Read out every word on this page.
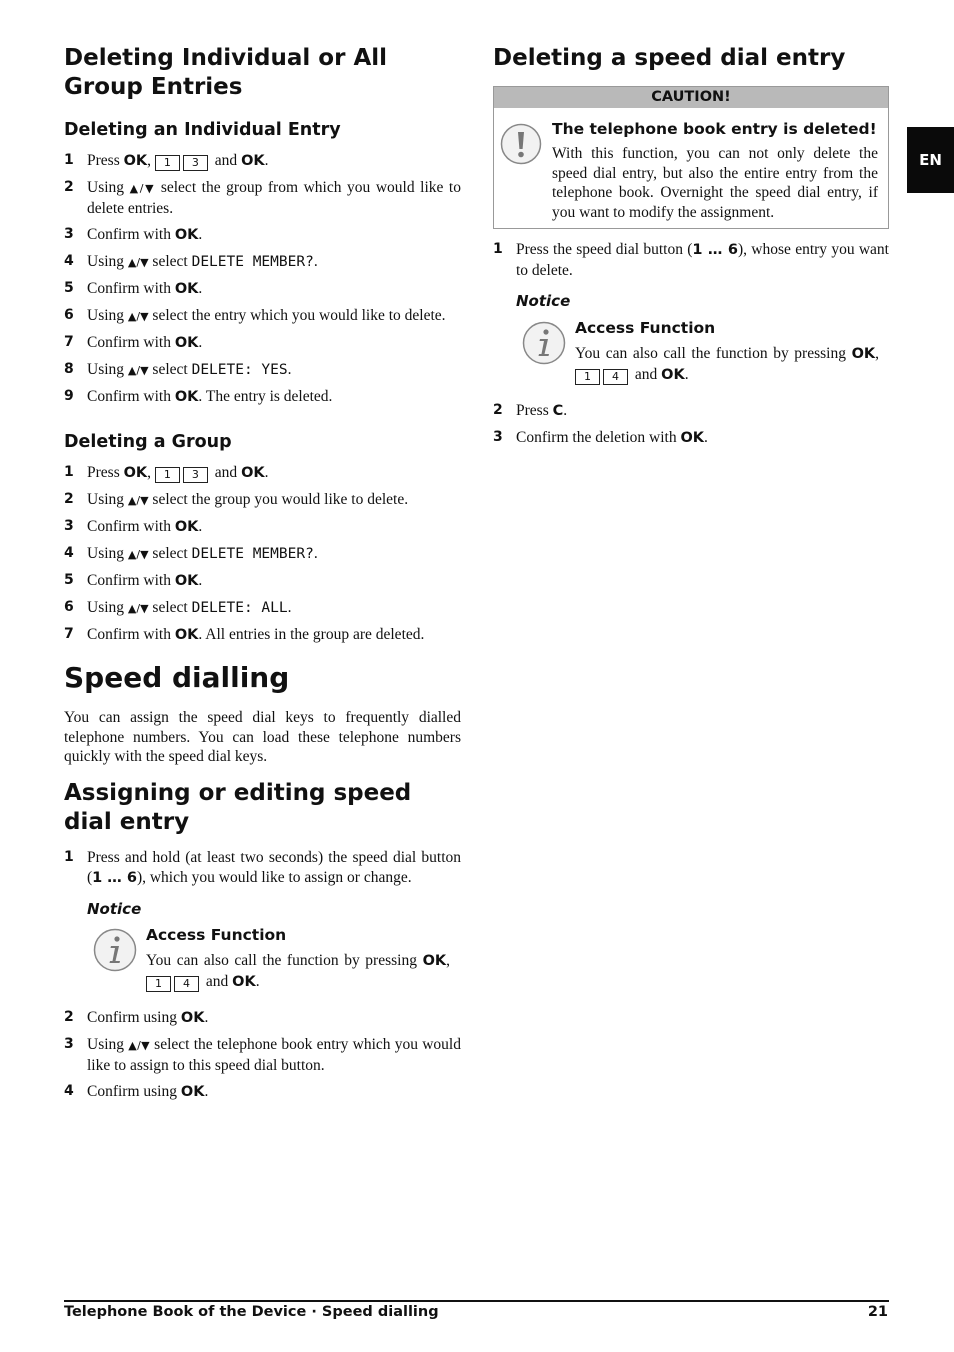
Deleting Individual or All Group Entries
Deleting an Individual Entry
1 Press OK, 1 3 and OK.
2 Using ▲/▼ select the group from which you would like to delete entries.
3 Confirm with OK.
4 Using ▲/▼ select DELETE MEMBER?.
5 Confirm with OK.
6 Using ▲/▼ select the entry which you would like to delete.
7 Confirm with OK.
8 Using ▲/▼ select DELETE: YES.
9 Confirm with OK. The entry is deleted.
Deleting a Group
1 Press OK, 1 3 and OK.
2 Using ▲/▼ select the group you would like to delete.
3 Confirm with OK.
4 Using ▲/▼ select DELETE MEMBER?.
5 Confirm with OK.
6 Using ▲/▼ select DELETE: ALL.
7 Confirm with OK. All entries in the group are deleted.
Speed dialling

You can assign the speed dial keys to frequently dialled telephone numbers. You can load these telephone numbers quickly with the speed dial keys.

Assigning or editing speed dial entry
1 Press and hold (at least two seconds) the speed dial button (1 … 6), which you would like to assign or change.
Notice
Access Function
You can also call the function by pressing OK, 1 4 and OK.
2 Confirm using OK.
3 Using ▲/▼ select the telephone book entry which you would like to assign to this speed dial button.
4 Confirm using OK.
Deleting a speed dial entry
CAUTION!
The telephone book entry is deleted!
With this function, you can not only delete the speed dial entry, but also the entire entry from the telephone book. Overnight the speed dial entry, if you want to modify the assignment.
1 Press the speed dial button (1 … 6), whose entry you want to delete.
Notice
Access Function
You can also call the function by pressing OK, 1 4 and OK.
2 Press C.
3 Confirm the deletion with OK.
EN
Telephone Book of the Device · Speed dialling	21
